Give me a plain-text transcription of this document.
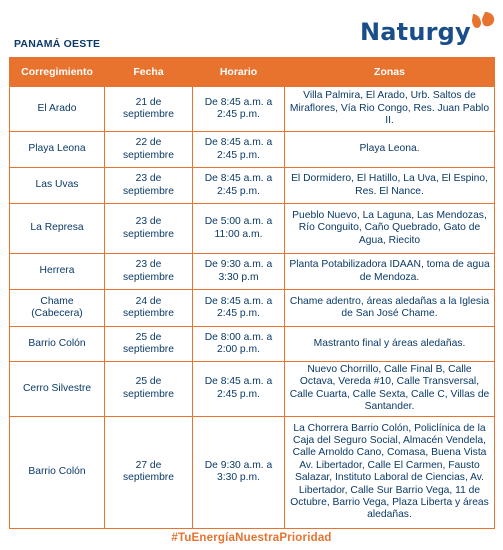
Naturgy
PANAMÁ OESTE
Corregimiento	Fecha	Horario	Zonas
El Arado	21 de septiembre	De 8:45 a.m. a 2:45 p.m.	Villa Palmira, El Arado, Urb. Saltos de Miraflores, Vía Rio Congo, Res. Juan Pablo II.
Playa Leona	22 de septiembre	De 8:45 a.m. a 2:45 p.m.	Playa Leona.
Las Uvas	23 de septiembre	De 8:45 a.m. a 2:45 p.m.	El Dormidero, El Hatillo, La Uva, El Espino, Res. El Nance.
La Represa	23 de septiembre	De 5:00 a.m. a 11:00 a.m.	Pueblo Nuevo, La Laguna, Las Mendozas, Río Conguito, Caño Quebrado, Gato de Agua, Riecito
Herrera	23 de septiembre	De 9:30 a.m. a 3:30 p.m	Planta Potabilizadora IDAAN, toma de agua de Mendoza.
Chame (Cabecera)	24 de septiembre	De 8:45 a.m. a 2:45 p.m.	Chame adentro, áreas aledañas a la Iglesia de San José Chame.
Barrio Colón	25 de septiembre	De 8:00 a.m. a 2:00 p.m.	Mastranto final y áreas aledañas.
Cerro Silvestre	25 de septiembre	De 8:45 a.m. a 2:45 p.m.	Nuevo Chorrillo, Calle Final B, Calle Octava, Vereda #10, Calle Transversal, Calle Cuarta, Calle Sexta, Calle C, Villas de Santander.
Barrio Colón	27 de septiembre	De 9:30 a.m. a 3:30 p.m.	La Chorrera Barrio Colón, Policlínica de la Caja del Seguro Social, Almacén Vendela, Calle Arnoldo Cano, Comasa, Buena Vista Av. Libertador, Calle El Carmen, Fausto Salazar, Instituto Laboral de Ciencias, Av. Libertador, Calle Sur Barrio Vega, 11 de Octubre, Barrio Vega, Plaza Liberta y áreas aledañas.
#TuEnergíaNuestraPrioridad
